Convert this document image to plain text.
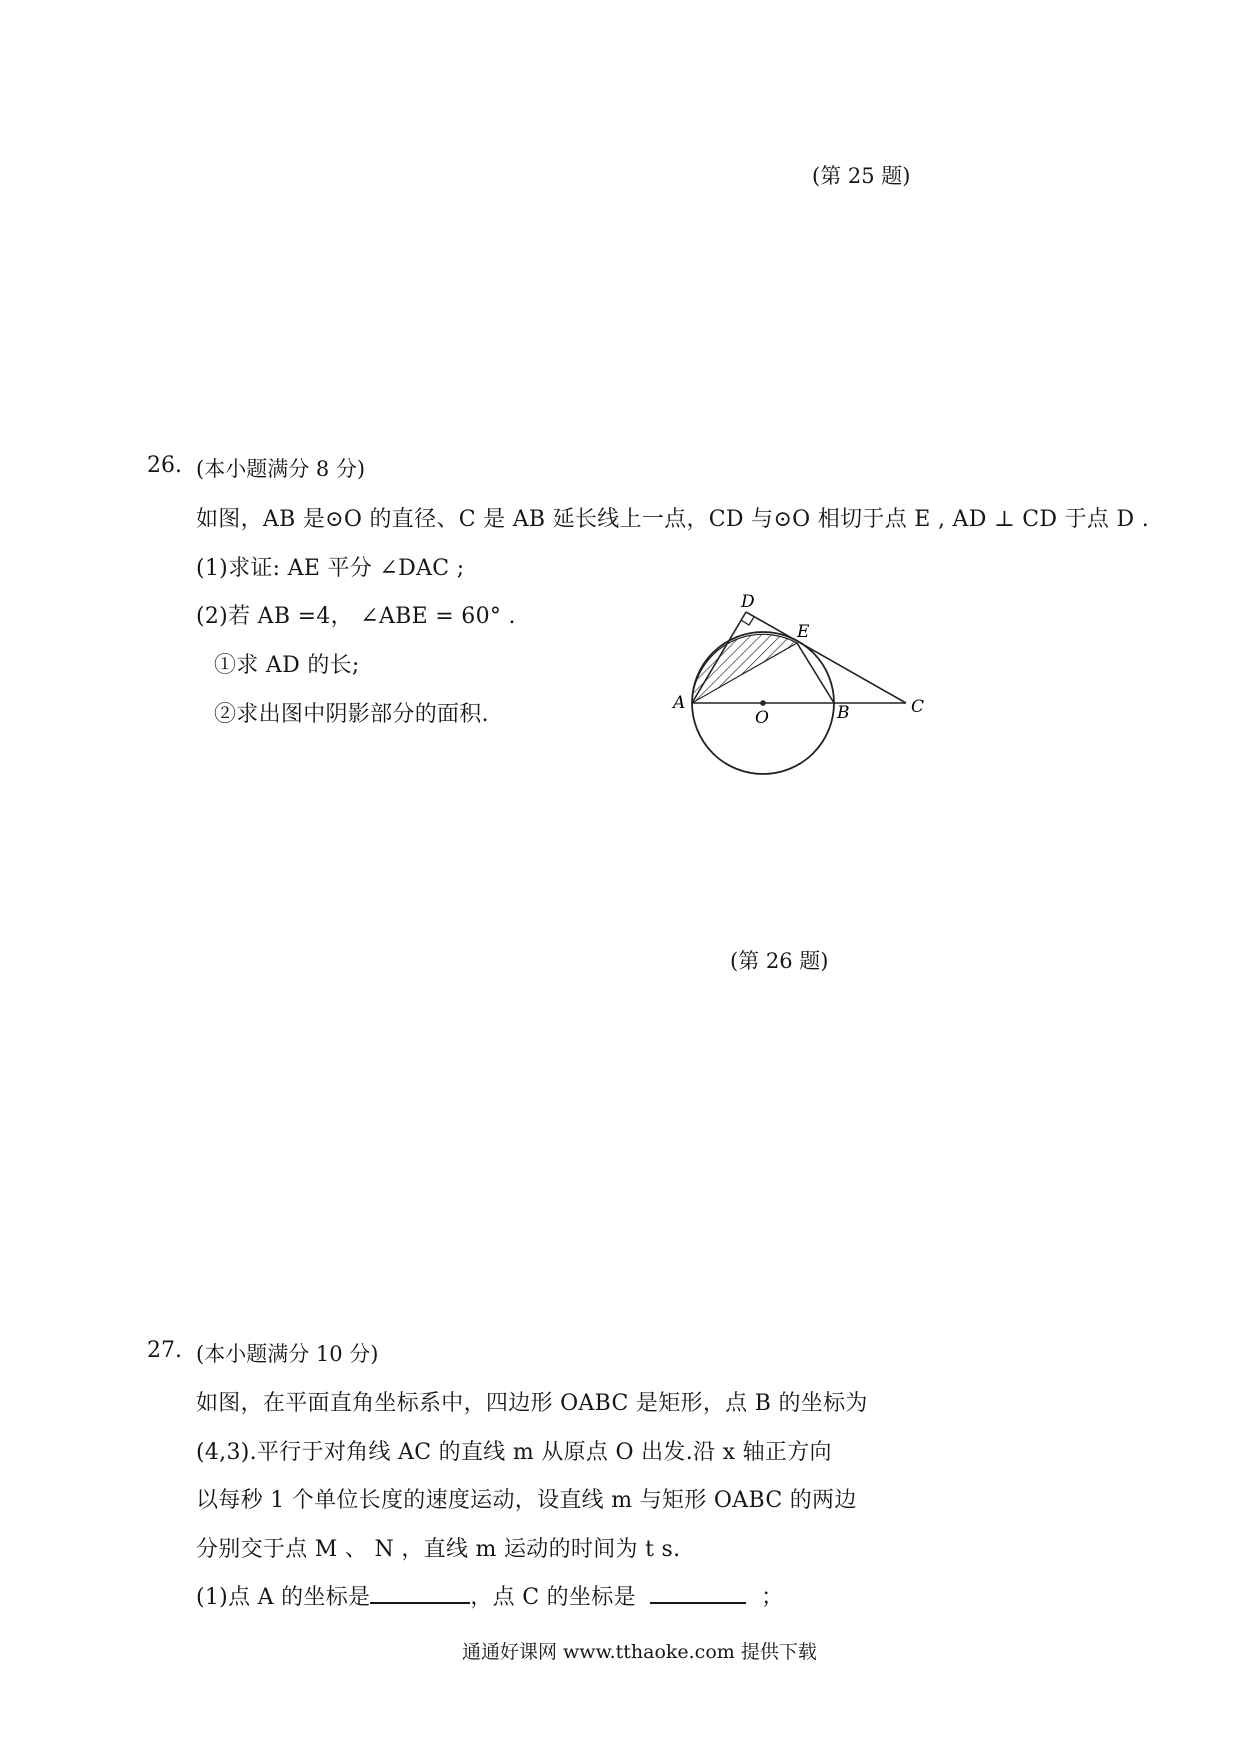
(第 25 题)
26. (本小题满分 8 分)
如图，AB 是⊙O 的直径、C 是 AB 延长线上一点，CD 与⊙O 相切于点 E , AD ⊥ CD 于点 D .
(1)求证: AE 平分 ∠DAC ;
(2)若 AB =4， ∠ABE = 60° .
①求 AD 的长;
②求出图中阴影部分的面积.
D
E
A
O	B	C
(第 26 题)
27. (本小题满分 10 分)
如图，在平面直角坐标系中，四边形 OABC 是矩形，点 B 的坐标为
(4,3).平行于对角线 AC 的直线 m 从原点 O 出发.沿 x 轴正方向
以每秒 1 个单位长度的速度运动，设直线 m 与矩形 OABC 的两边
分别交于点 M 、 N ，直线 m 运动的时间为 t s.
(1)点 A 的坐标是	，点 C 的坐标是	；
通通好课网 www.tthaoke.com 提供下载
